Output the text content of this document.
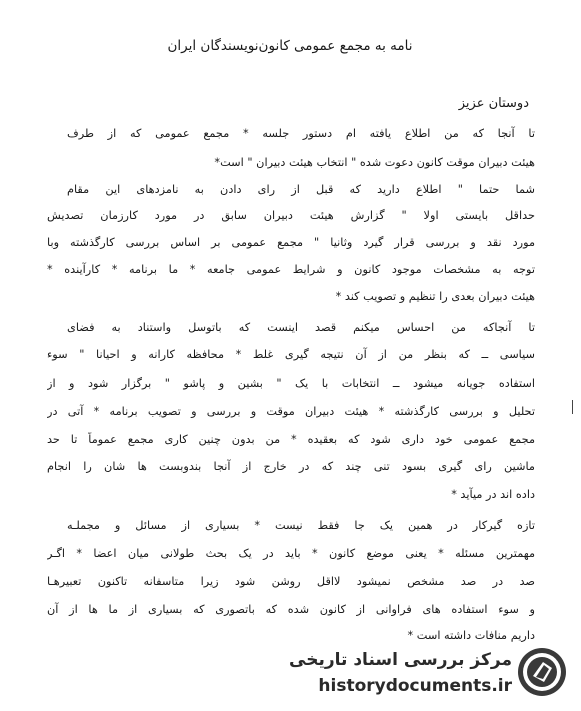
نامه به مجمع عمومی کانون‌نویسندگان ایران
دوستان عزیز
تا آنجا که من اطلاع یافته ام دستور جلسه * مجمع عمومی که از طرف
هیئت دبیران موقت کانون دعوت شده " انتخاب هیئت دبیران " است*
شما حتما " اطلاع دارید که قبل از رای دادن به نامزدهای این مقام
حداقل بایستی اولا " گزارش هیئت دبیران سابق در مورد کارزمان تصدیش
مورد نقد و بررسی قرار گیرد وثانیا " مجمع عمومی بر اساس بررسی کارگذشته وبا
توجه به مشخصات موجود کانون و شرایط عمومی جامعه * ما برنامه * کارآینده *
هیئت دبیران بعدی را تنظیم و تصویب کند *
تا آنجاکه من احساس میکنم قصد اینست که باتوسل واستناد به فضای
سیاسی ــ که بنظر من از آن نتیجه گیری غلط * محافظه کارانه و احیانا " سوء
استفاده جویانه میشود ــ انتخابات با یک " بشین و پاشو " برگزار شود و از
تحلیل و بررسی کارگذشته * هیئت دبیران موقت و بررسی و تصویب برنامه * آتی در
مجمع عمومی خود داری شود که بعقیده * من بدون چنین کاری مجمع عموماً تا حد
ماشین رای گیری بسود تنی چند که در خارج از آنجا بندوبست ها شان را انجام
داده اند در میآید *
تازه گیرکار در همین یک جا فقط نیست * بسیاری از مسائل و مجملـه
مهمترین مسئله * یعنی موضع کانون * باید در یک بحث طولانی میان اعضا * اگـر
صد در صد مشخص نمیشود لااقل روشن شود زیرا متاسفانه تاکنون تعبیرهـا
و سوء استفاده های فراوانی از کانون شده که باتصوری که بسیاری از ما ها از آن
داریم منافات داشته است *
مرکز بررسی اسناد تاریخی
historydocuments.ir
